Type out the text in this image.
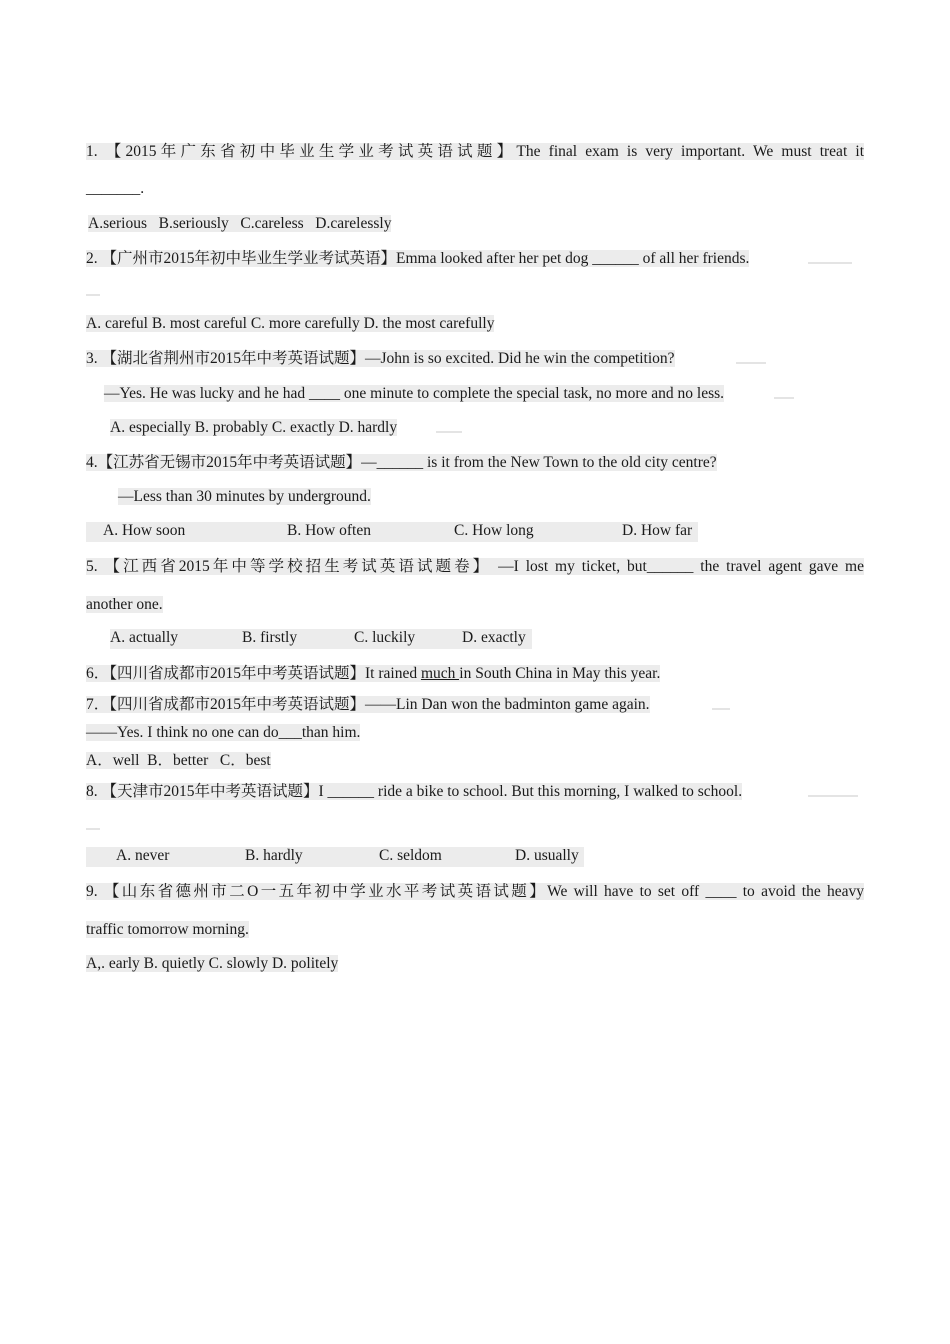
1. 【2015年广东省初中毕业生学业考试英语试题】The final exam is very important. We must treat it
_______.
A.serious   B.seriously   C.careless   D.carelessly
2. 【广州市2015年初中毕业生学业考试英语】Emma looked after her pet dog ______ of all her friends.
A. careful B. most careful C. more carefully D. the most carefully
3. 【湖北省荆州市2015年中考英语试题】—John is so excited. Did he win the competition?
—Yes. He was lucky and he had ____ one minute to complete the special task, no more and no less.
A. especially B. probably C. exactly D. hardly
4.【江苏省无锡市2015年中考英语试题】—______ is it from the New Town to the old city centre?
—Less than 30 minutes by underground.
A. How soon	B. How often	C. How long	D. How far
5. 【江西省2015年中等学校招生考试英语试题卷】 —I lost my ticket, but______ the travel agent gave me
another one.
A. actually	B. firstly	C. luckily	D. exactly
6．【四川省成都市2015年中考英语试题】It rained much in South China in May this year.
7．【四川省成都市2015年中考英语试题】——Lin Dan won the badminton game again.
——Yes. I think no one can do___than him.
A．well  B．better   C．best
8. 【天津市2015年中考英语试题】I ______ ride a bike to school. But this morning, I walked to school.
A. never	B. hardly	C. seldom	D. usually
9. 【山东省德州市二O一五年初中学业水平考试英语试题】We will have to set off ____ to avoid the heavy
traffic tomorrow morning.
A,. early B. quietly C. slowly D. politely
